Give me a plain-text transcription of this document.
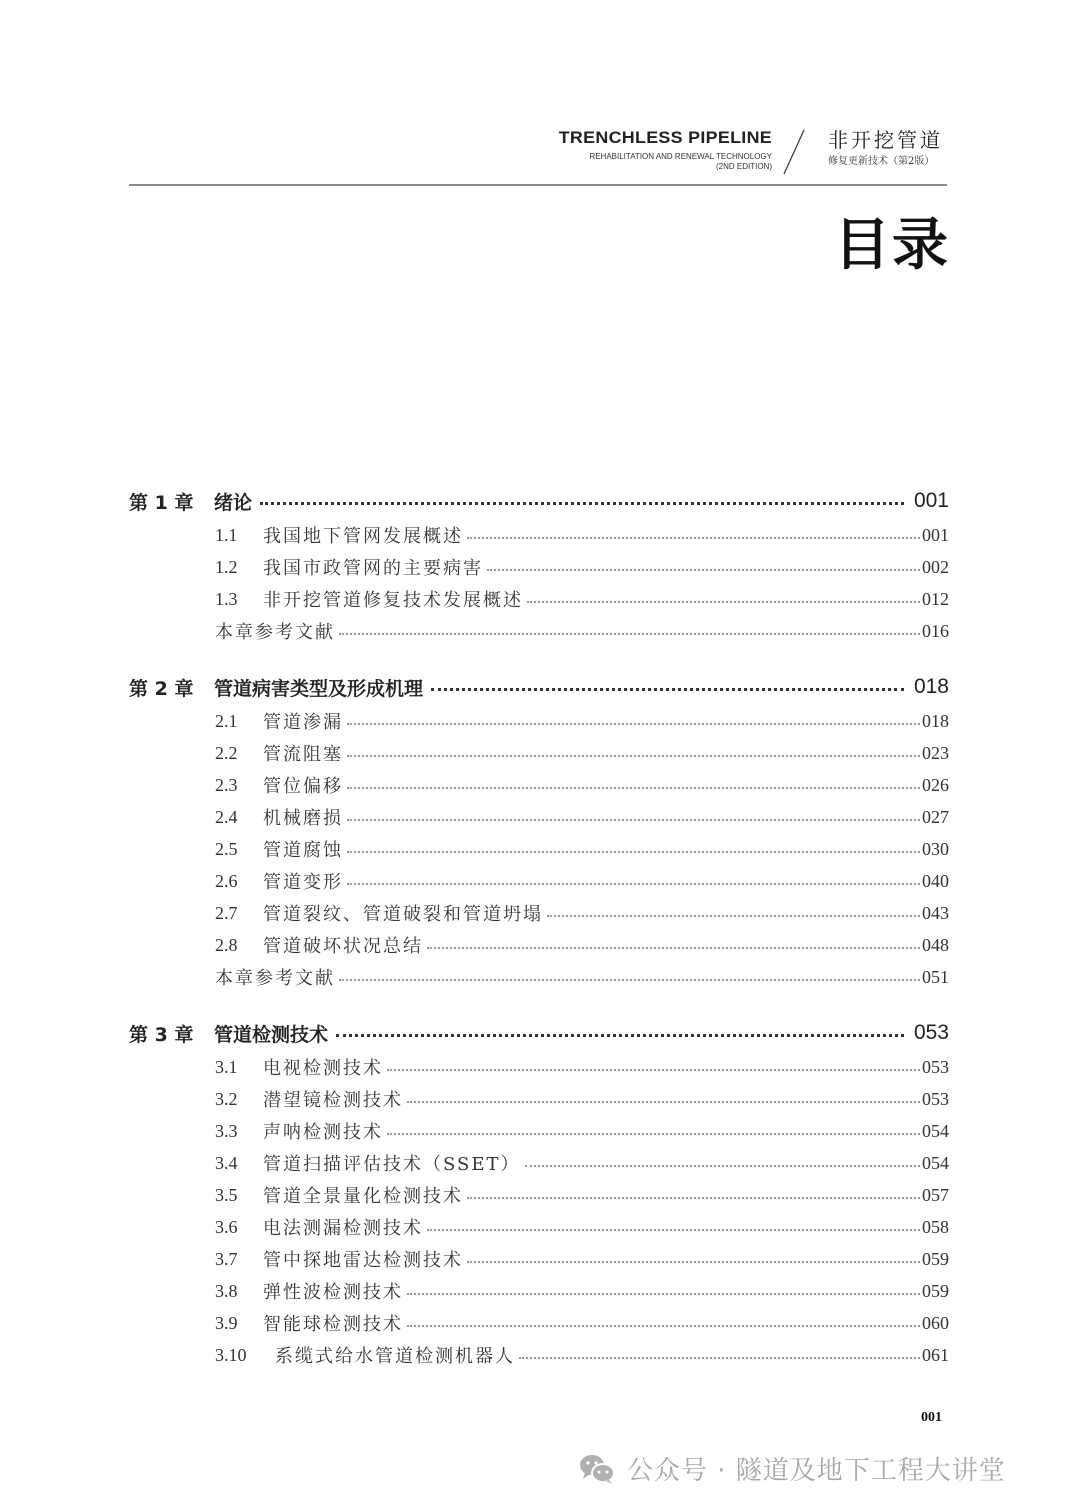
TRENCHLESS PIPELINE
REHABILITATION AND RENEWAL TECHNOLOGY
(2ND EDITION)
非开挖管道
修复更新技术（第2版）
目录
第 1 章	绪论	001
1.1	我国地下管网发展概述	001
1.2	我国市政管网的主要病害	002
1.3	非开挖管道修复技术发展概述	012
本章参考文献	016
第 2 章	管道病害类型及形成机理	018
2.1	管道渗漏	018
2.2	管流阻塞	023
2.3	管位偏移	026
2.4	机械磨损	027
2.5	管道腐蚀	030
2.6	管道变形	040
2.7	管道裂纹、管道破裂和管道坍塌	043
2.8	管道破坏状况总结	048
本章参考文献	051
第 3 章	管道检测技术	053
3.1	电视检测技术	053
3.2	潜望镜检测技术	053
3.3	声呐检测技术	054
3.4	管道扫描评估技术（SSET）	054
3.5	管道全景量化检测技术	057
3.6	电法测漏检测技术	058
3.7	管中探地雷达检测技术	059
3.8	弹性波检测技术	059
3.9	智能球检测技术	060
3.10	系缆式给水管道检测机器人	061
001
公众号 · 隧道及地下工程大讲堂
